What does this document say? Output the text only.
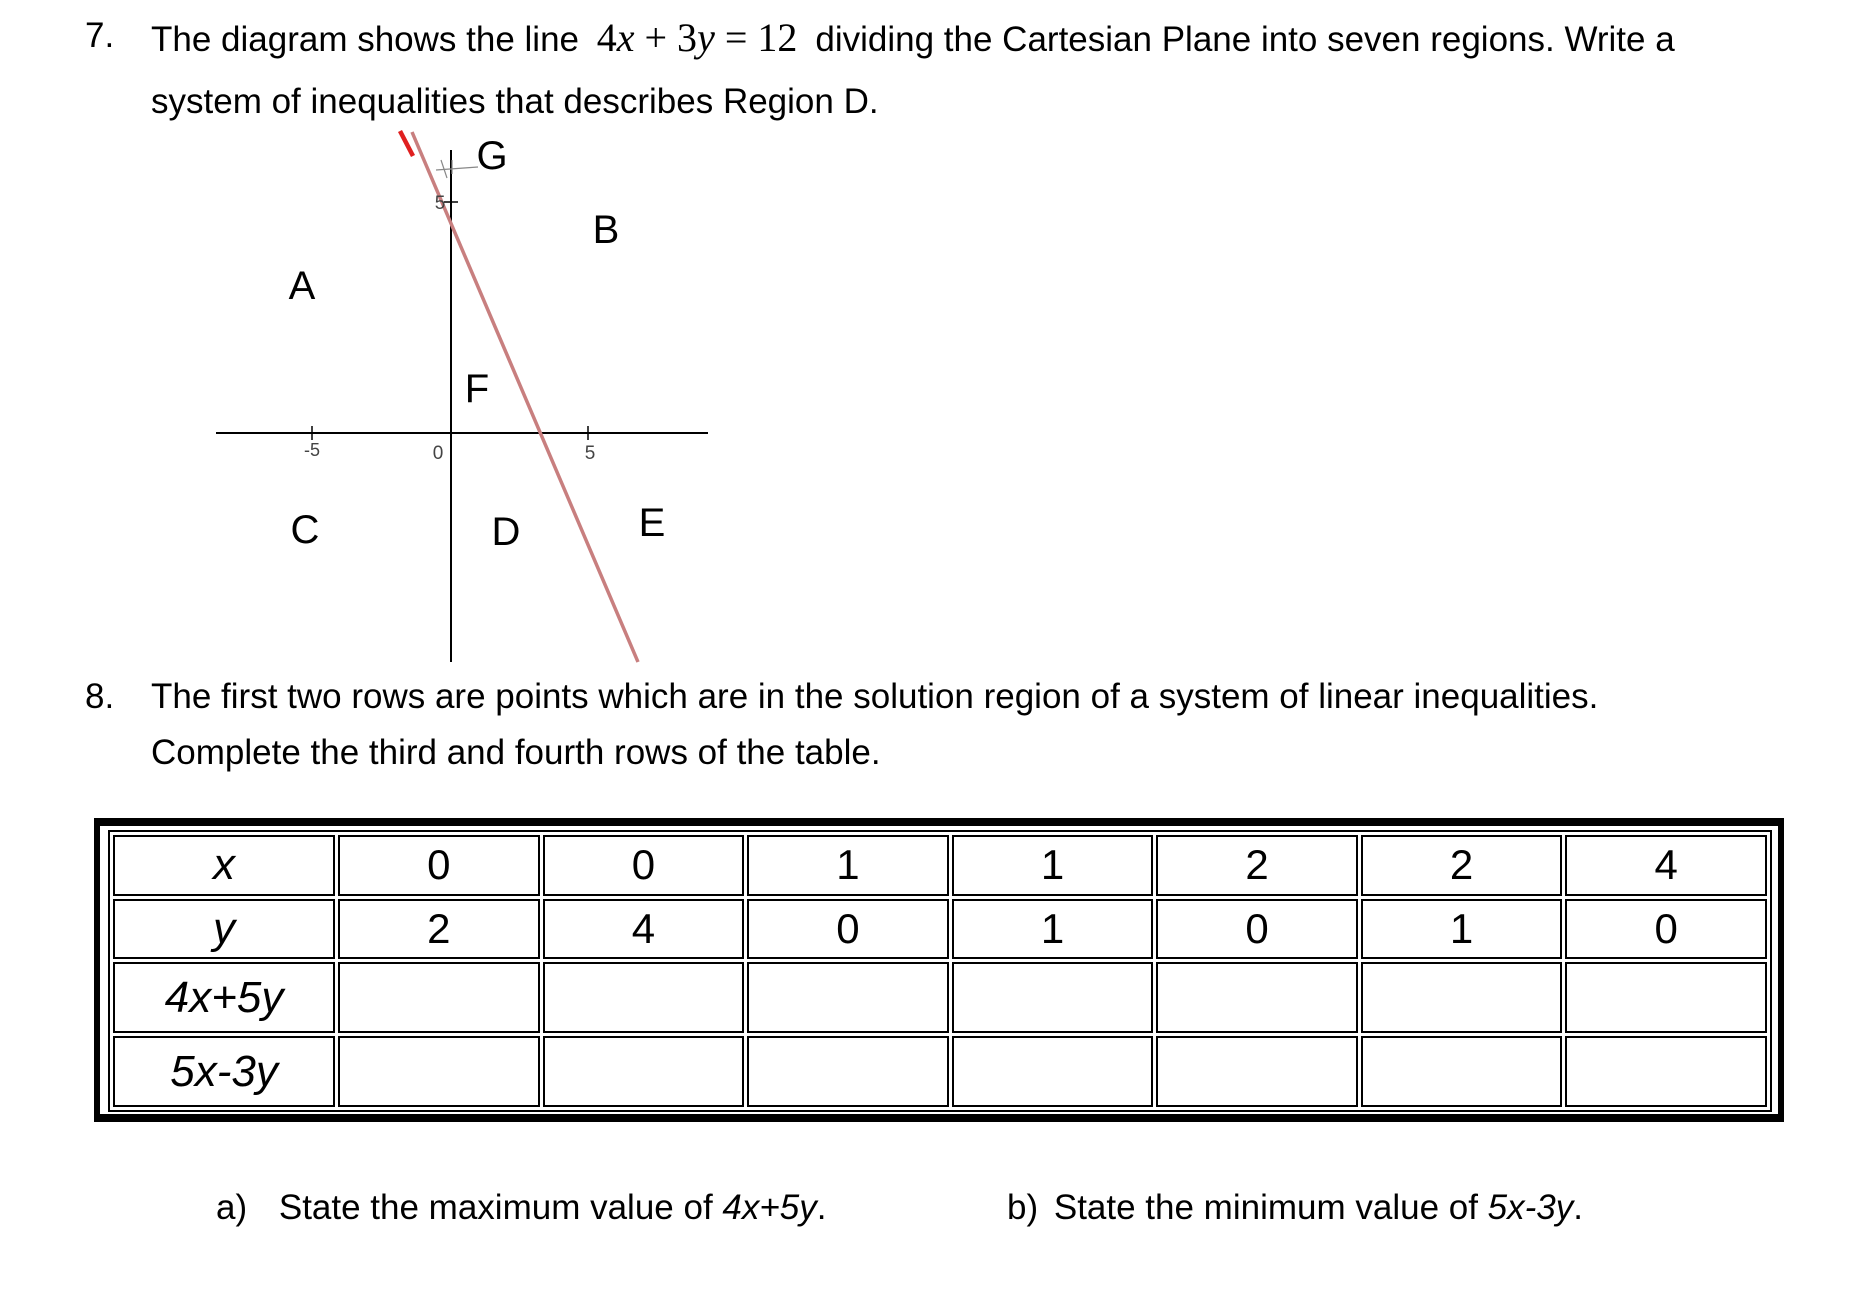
7. The diagram shows the line 4x + 3y = 12 dividing the Cartesian Plane into seven regions. Write a
system of inequalities that describes Region D.
-5	0	5
5
G
B
A
F
C	D	E
8. The first two rows are points which are in the solution region of a system of linear inequalities.
Complete the third and fourth rows of the table.
x	0	0	1	1	2	2	4
y	2	4	0	1	0	1	0
4x+5y							
5x-3y							
a) State the maximum value of 4x+5y.	b) State the minimum value of 5x-3y.
